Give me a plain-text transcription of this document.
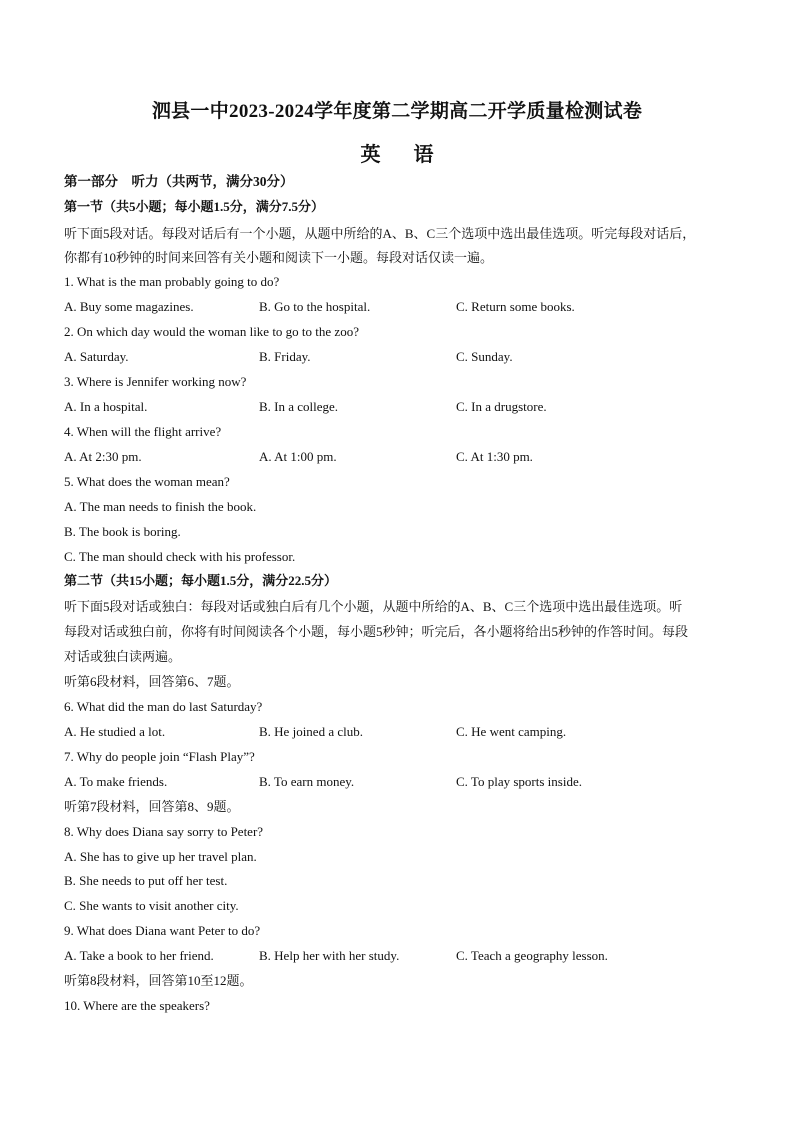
泗县一中2023-2024学年度第二学期高二开学质量检测试卷
英 语
第一部分　听力（共两节，满分30分）
第一节（共5小题；每小题1.5分，满分7.5分）
听下面5段对话。每段对话后有一个小题，从题中所给的A、B、C三个选项中选出最佳选项。听完每段对话后，
你都有10秒钟的时间来回答有关小题和阅读下一小题。每段对话仅读一遍。
1. What is the man probably going to do?
A. Buy some magazines.	B. Go to the hospital.	C. Return some books.
2. On which day would the woman like to go to the zoo?
A. Saturday.	B. Friday.	C. Sunday.
3. Where is Jennifer working now?
A. In a hospital.	B. In a college.	C. In a drugstore.
4. When will the flight arrive?
A. At 2:30 pm.	A. At 1:00 pm.	C. At 1:30 pm.
5. What does the woman mean?
A. The man needs to finish the book.
B. The book is boring.
C. The man should check with his professor.
第二节（共15小题；每小题1.5分，满分22.5分）
听下面5段对话或独白：每段对话或独白后有几个小题，从题中所给的A、B、C三个选项中选出最佳选项。听
每段对话或独白前，你将有时间阅读各个小题，每小题5秒钟；听完后，各小题将给出5秒钟的作答时间。每段
对话或独白读两遍。
听第6段材料，回答第6、7题。
6. What did the man do last Saturday?
A. He studied a lot.	B. He joined a club.	C. He went camping.
7. Why do people join “Flash Play”?
A. To make friends.	B. To earn money.	C. To play sports inside.
听第7段材料，回答第8、9题。
8. Why does Diana say sorry to Peter?
A. She has to give up her travel plan.
B. She needs to put off her test.
C. She wants to visit another city.
9. What does Diana want Peter to do?
A. Take a book to her friend.	B. Help her with her study.	C. Teach a geography lesson.
听第8段材料，回答第10至12题。
10. Where are the speakers?
